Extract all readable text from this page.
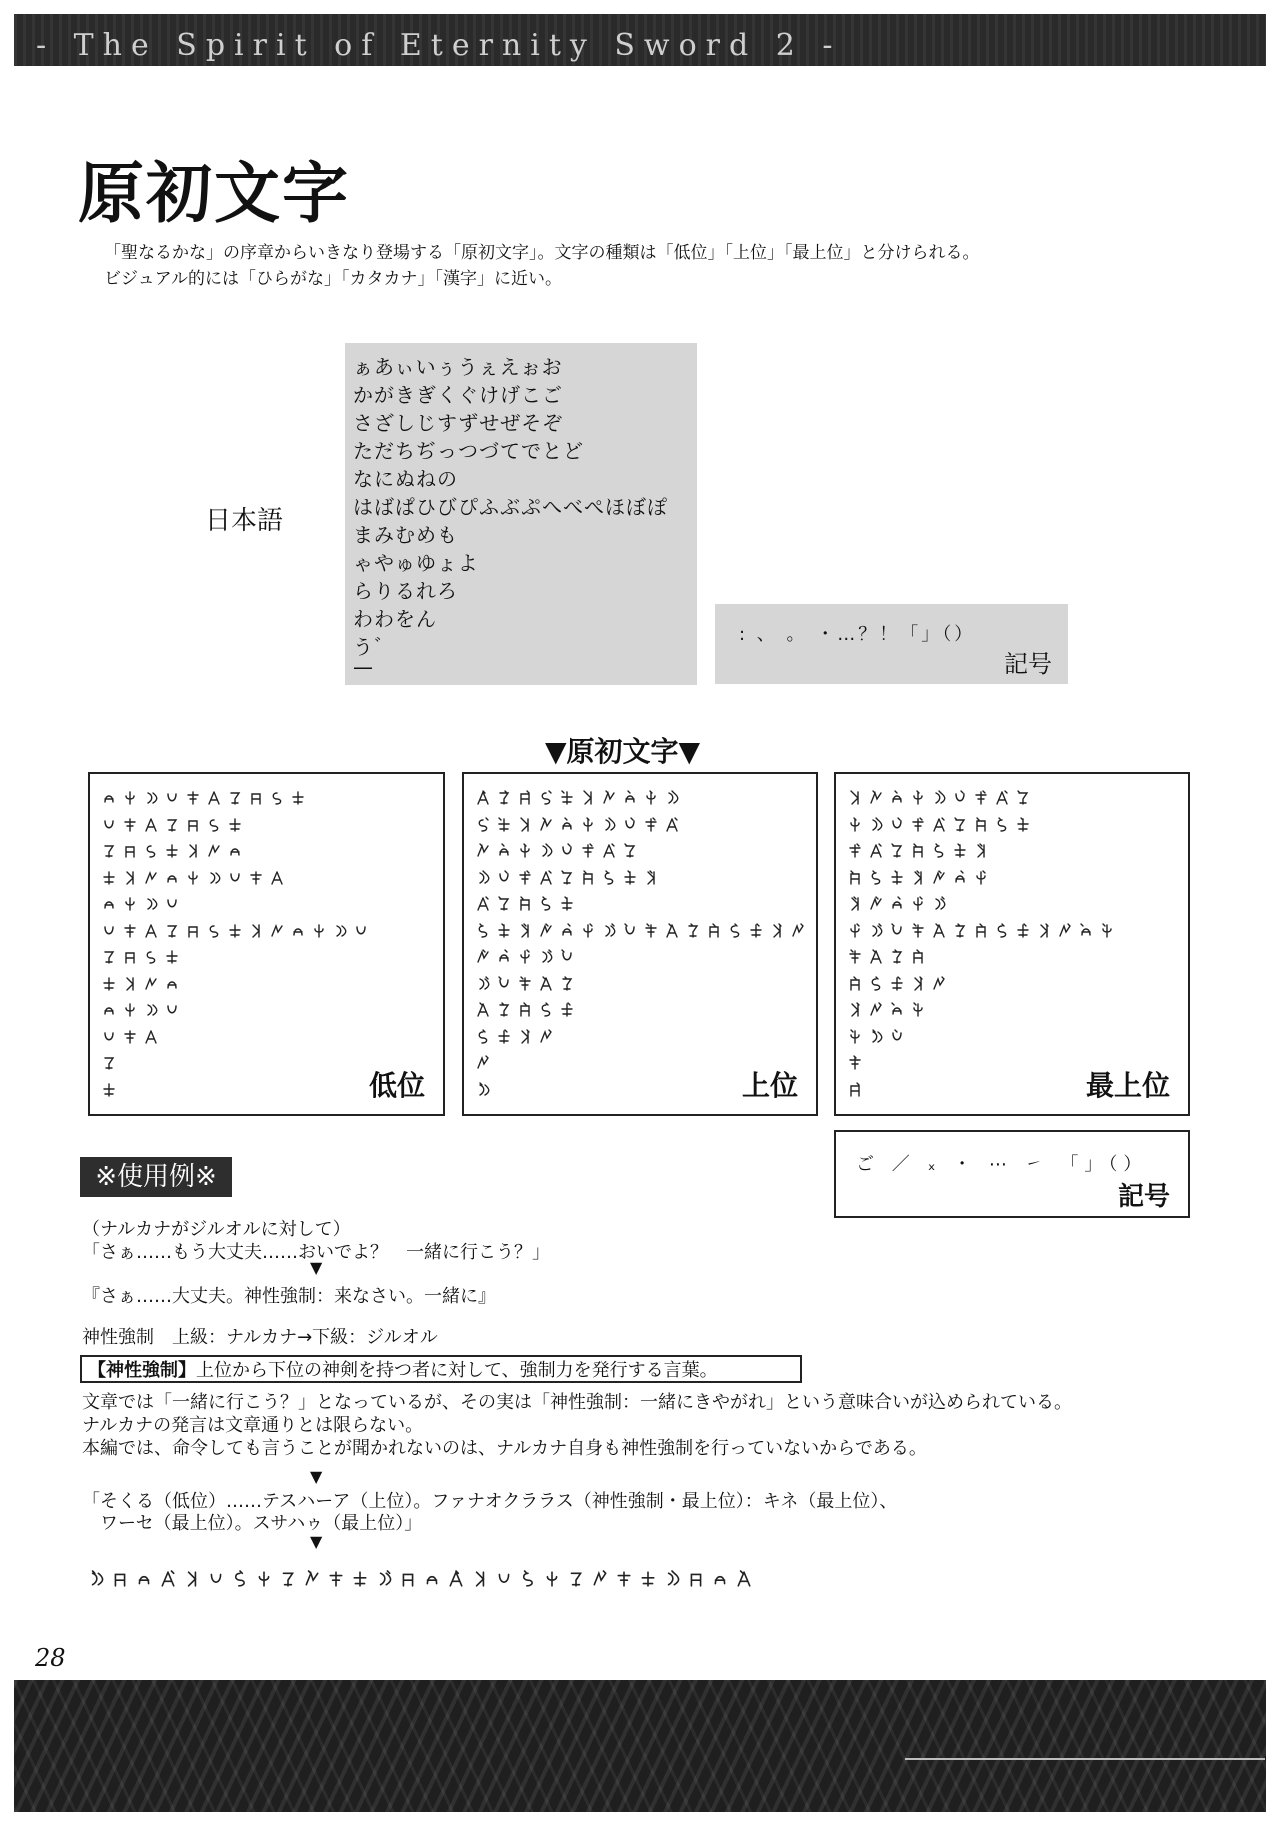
- The Spirit of Eternity Sword 2 -
原初文字
「聖なるかな」の序章からいきなり登場する「原初文字」。文字の種類は「低位」「上位」「最上位」と分けられる。
ビジュアル的には「ひらがな」「カタカナ」「漢字」に近い。
日本語
ぁあぃいぅうぇえぉお
かがきぎくぐけげこご
さざしじすずせぜそぞ
ただちぢっつづてでとど
なにぬねの
はばぱひびぴふぶぷへべぺほぼぽ
まみむめも
ゃやゅゆょよ
らりるれろ
わわをん
う゛
—
: 、 。 ・…？！「」（）
記号
▼原初文字▼
低位	上位	最上位
ご ／ ₓ ・ ⋯ ㇀ 「」（）
記号
※使用例※
（ナルカナがジルオルに対して）
「さぁ……もう大丈夫……おいでよ？　一緒に行こう？」
▼
『さぁ……大丈夫。神性強制：来なさい。一緒に』
神性強制　上級：ナルカナ→下級：ジルオル
【神性強制】上位から下位の神剣を持つ者に対して、強制力を発行する言葉。
文章では「一緒に行こう？」となっているが、その実は「神性強制：一緒にきやがれ」という意味合いが込められている。
ナルカナの発言は文章通りとは限らない。
本編では、命令しても言うことが聞かれないのは、ナルカナ自身も神性強制を行っていないからである。
▼
「そくる（低位）……テスハーア（上位）。ファナオクララス（神性強制・最上位）：キネ（最上位）、
　ワーセ（最上位）。スサハゥ（最上位）」
▼
28
